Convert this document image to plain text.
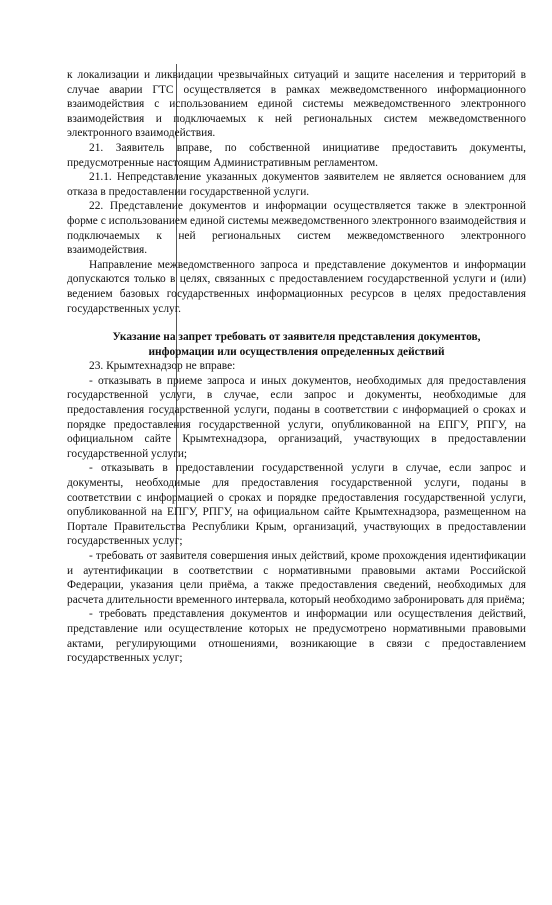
к локализации и ликвидации чрезвычайных ситуаций и защите населения и территорий в случае аварии ГТС осуществляется в рамках межведомственного информационного взаимодействия с использованием единой системы межведомственного электронного взаимодействия и подключаемых к ней региональных систем межведомственного электронного взаимодействия.

21. Заявитель вправе, по собственной инициативе предоставить документы, предусмотренные настоящим Административным регламентом.

21.1. Непредставление указанных документов заявителем не является основанием для отказа в предоставлении государственной услуги.

22. Представление документов и информации осуществляется также в электронной форме с использованием единой системы межведомственного электронного взаимодействия и подключаемых к ней региональных систем межведомственного электронного взаимодействия.

Направление межведомственного запроса и представление документов и информации допускаются только в целях, связанных с предоставлением государственной услуги и (или) ведением базовых государственных информационных ресурсов в целях предоставления государственных услуг.

Указание на запрет требовать от заявителя представления документов, информации или осуществления определенных действий

23. Крымтехнадзор не вправе:

- отказывать в приеме запроса и иных документов, необходимых для предоставления государственной услуги, в случае, если запрос и документы, необходимые для предоставления государственной услуги, поданы в соответствии с информацией о сроках и порядке предоставления государственной услуги, опубликованной на ЕПГУ, РПГУ, на официальном сайте Крымтехнадзора, организаций, участвующих в предоставлении государственной услуги;

- отказывать в предоставлении государственной услуги в случае, если запрос и документы, необходимые для предоставления государственной услуги, поданы в соответствии с информацией о сроках и порядке предоставления государственной услуги, опубликованной на ЕПГУ, РПГУ, на официальном сайте Крымтехнадзора, размещенном на Портале Правительства Республики Крым, организаций, участвующих в предоставлении государственных услуг;

- требовать от заявителя совершения иных действий, кроме прохождения идентификации и аутентификации в соответствии с нормативными правовыми актами Российской Федерации, указания цели приёма, а также предоставления сведений, необходимых для расчета длительности временного интервала, который необходимо забронировать для приёма;

- требовать представления документов и информации или осуществления действий, представление или осуществление которых не предусмотрено нормативными правовыми актами, регулирующими отношениями, возникающие в связи с предоставлением государственных услуг;
